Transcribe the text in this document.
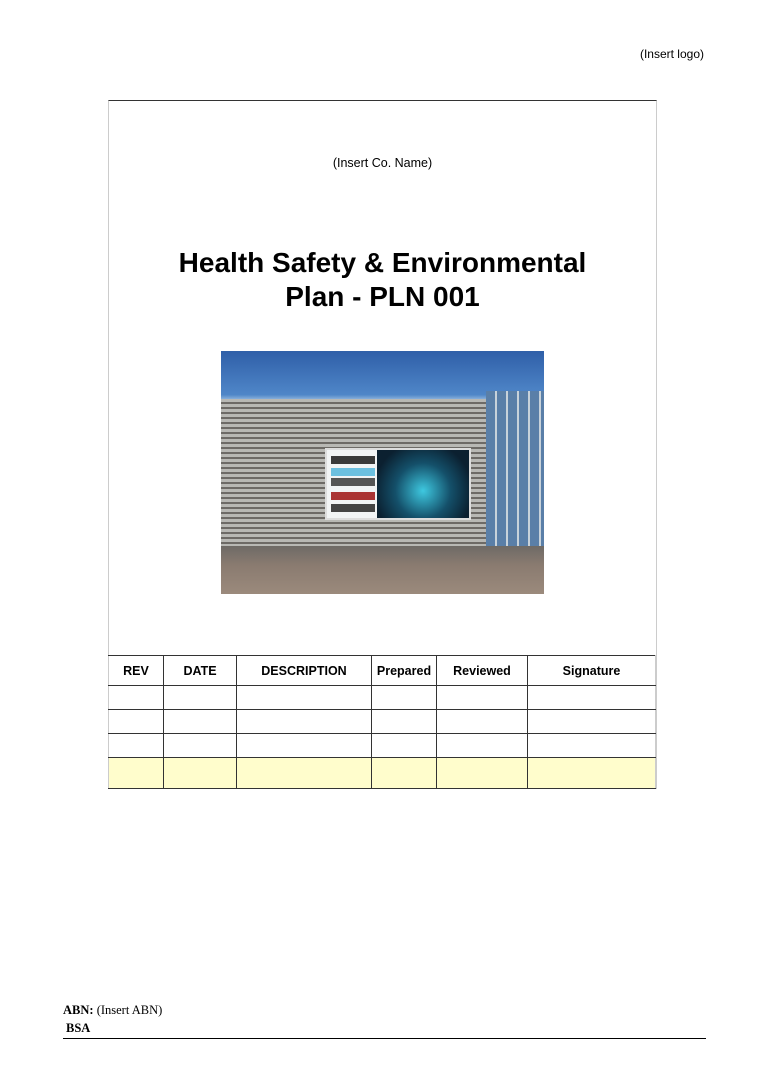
(Insert logo)
(Insert Co. Name)
Health Safety & Environmental
Plan - PLN 001
REV	DATE	DESCRIPTION	Prepared	Reviewed	Signature

ABN: (Insert ABN)
BSA
